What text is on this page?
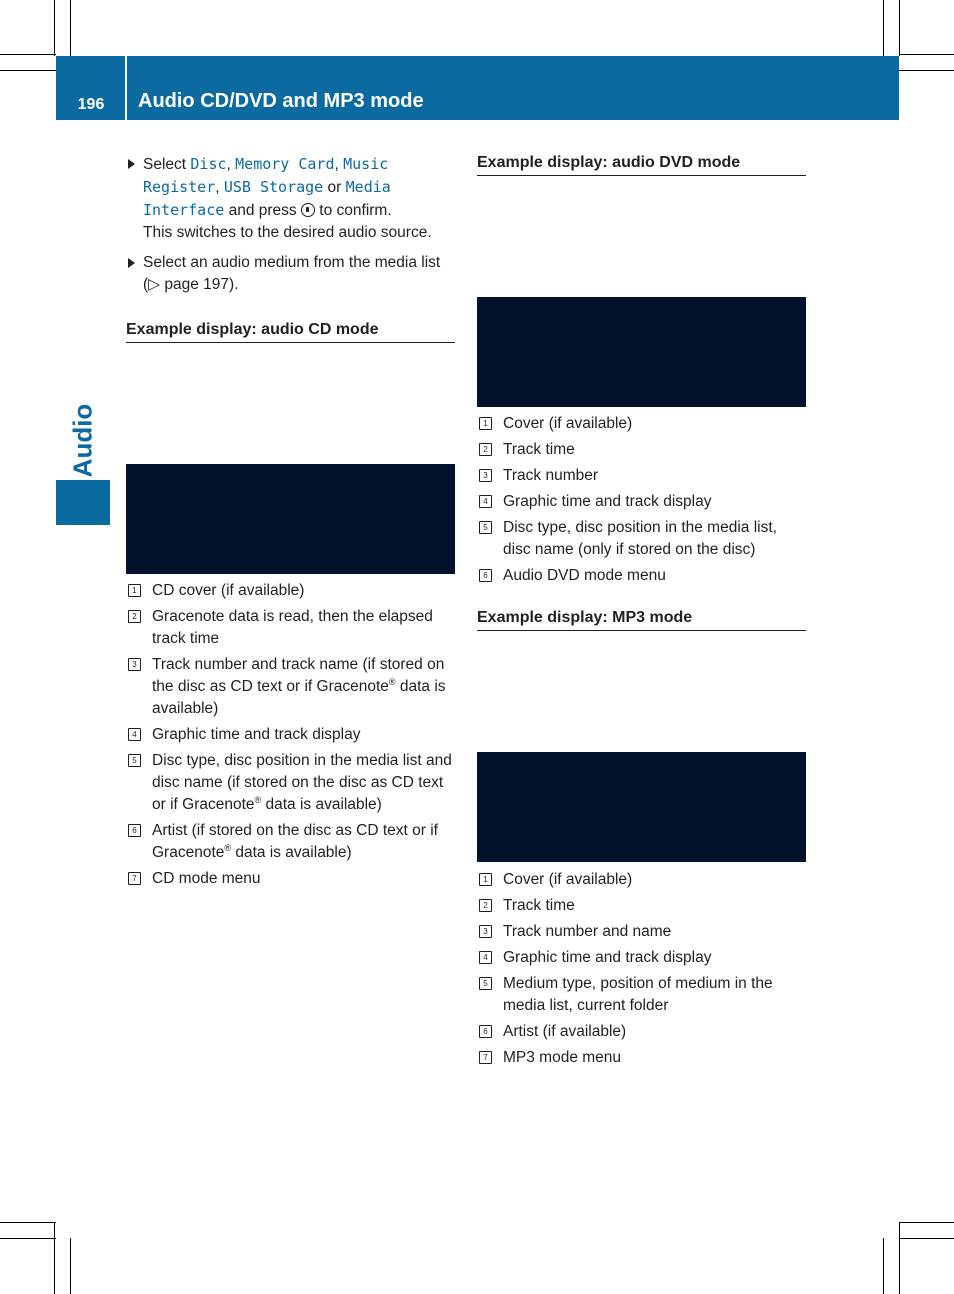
196	Audio CD/DVD and MP3 mode
Audio
Select Disc, Memory Card, Music Register, USB Storage or Media Interface and press to confirm.
This switches to the desired audio source.
Select an audio medium from the media list (▷ page 197).
Example display: audio CD mode
1 CD cover (if available)
2 Gracenote data is read, then the elapsed track time
3 Track number and track name (if stored on the disc as CD text or if Gracenote® data is available)
4 Graphic time and track display
5 Disc type, disc position in the media list and disc name (if stored on the disc as CD text or if Gracenote® data is available)
6 Artist (if stored on the disc as CD text or if Gracenote® data is available)
7 CD mode menu
Example display: audio DVD mode
1 Cover (if available)
2 Track time
3 Track number
4 Graphic time and track display
5 Disc type, disc position in the media list, disc name (only if stored on the disc)
6 Audio DVD mode menu
Example display: MP3 mode
1 Cover (if available)
2 Track time
3 Track number and name
4 Graphic time and track display
5 Medium type, position of medium in the media list, current folder
6 Artist (if available)
7 MP3 mode menu
